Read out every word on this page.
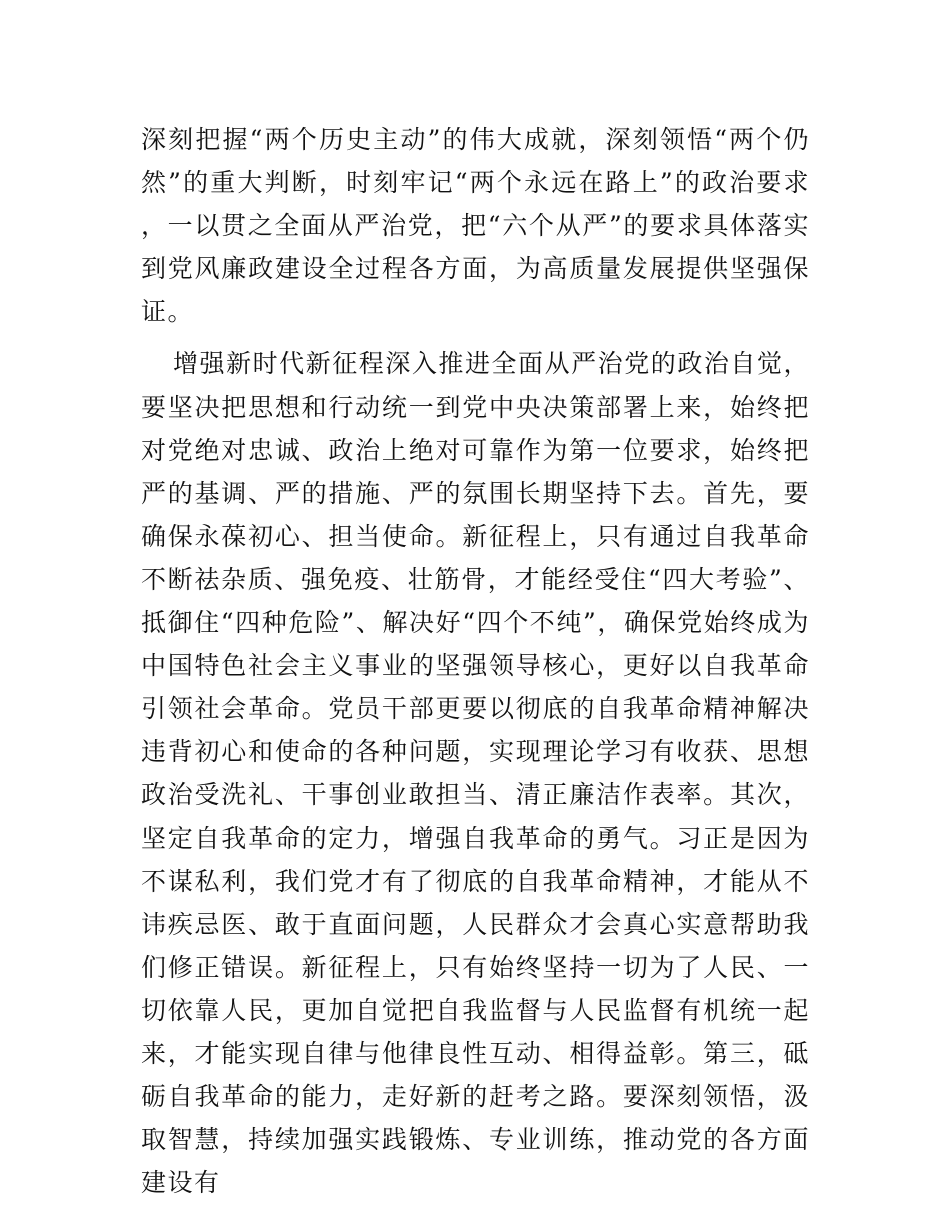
深刻把握“两个历史主动”的伟大成就，深刻领悟“两个仍然”的重大判断，时刻牢记“两个永远在路上”的政治要求，一以贯之全面从严治党，把“六个从严”的要求具体落实到党风廉政建设全过程各方面，为高质量发展提供坚强保证。

增强新时代新征程深入推进全面从严治党的政治自觉，要坚决把思想和行动统一到党中央决策部署上来，始终把对党绝对忠诚、政治上绝对可靠作为第一位要求，始终把严的基调、严的措施、严的氛围长期坚持下去。首先，要确保永葆初心、担当使命。新征程上，只有通过自我革命不断祛杂质、强免疫、壮筋骨，才能经受住“四大考验”、抵御住“四种危险”、解决好“四个不纯”，确保党始终成为中国特色社会主义事业的坚强领导核心，更好以自我革命引领社会革命。党员干部更要以彻底的自我革命精神解决违背初心和使命的各种问题，实现理论学习有收获、思想政治受洗礼、干事创业敢担当、清正廉洁作表率。其次，坚定自我革命的定力，增强自我革命的勇气。习正是因为不谋私利，我们党才有了彻底的自我革命精神，才能从不讳疾忌医、敢于直面问题，人民群众才会真心实意帮助我们修正错误。新征程上，只有始终坚持一切为了人民、一切依靠人民，更加自觉把自我监督与人民监督有机统一起来，才能实现自律与他律良性互动、相得益彰。第三，砥砺自我革命的能力，走好新的赶考之路。要深刻领悟，汲取智慧，持续加强实践锻炼、专业训练，推动党的各方面建设有
